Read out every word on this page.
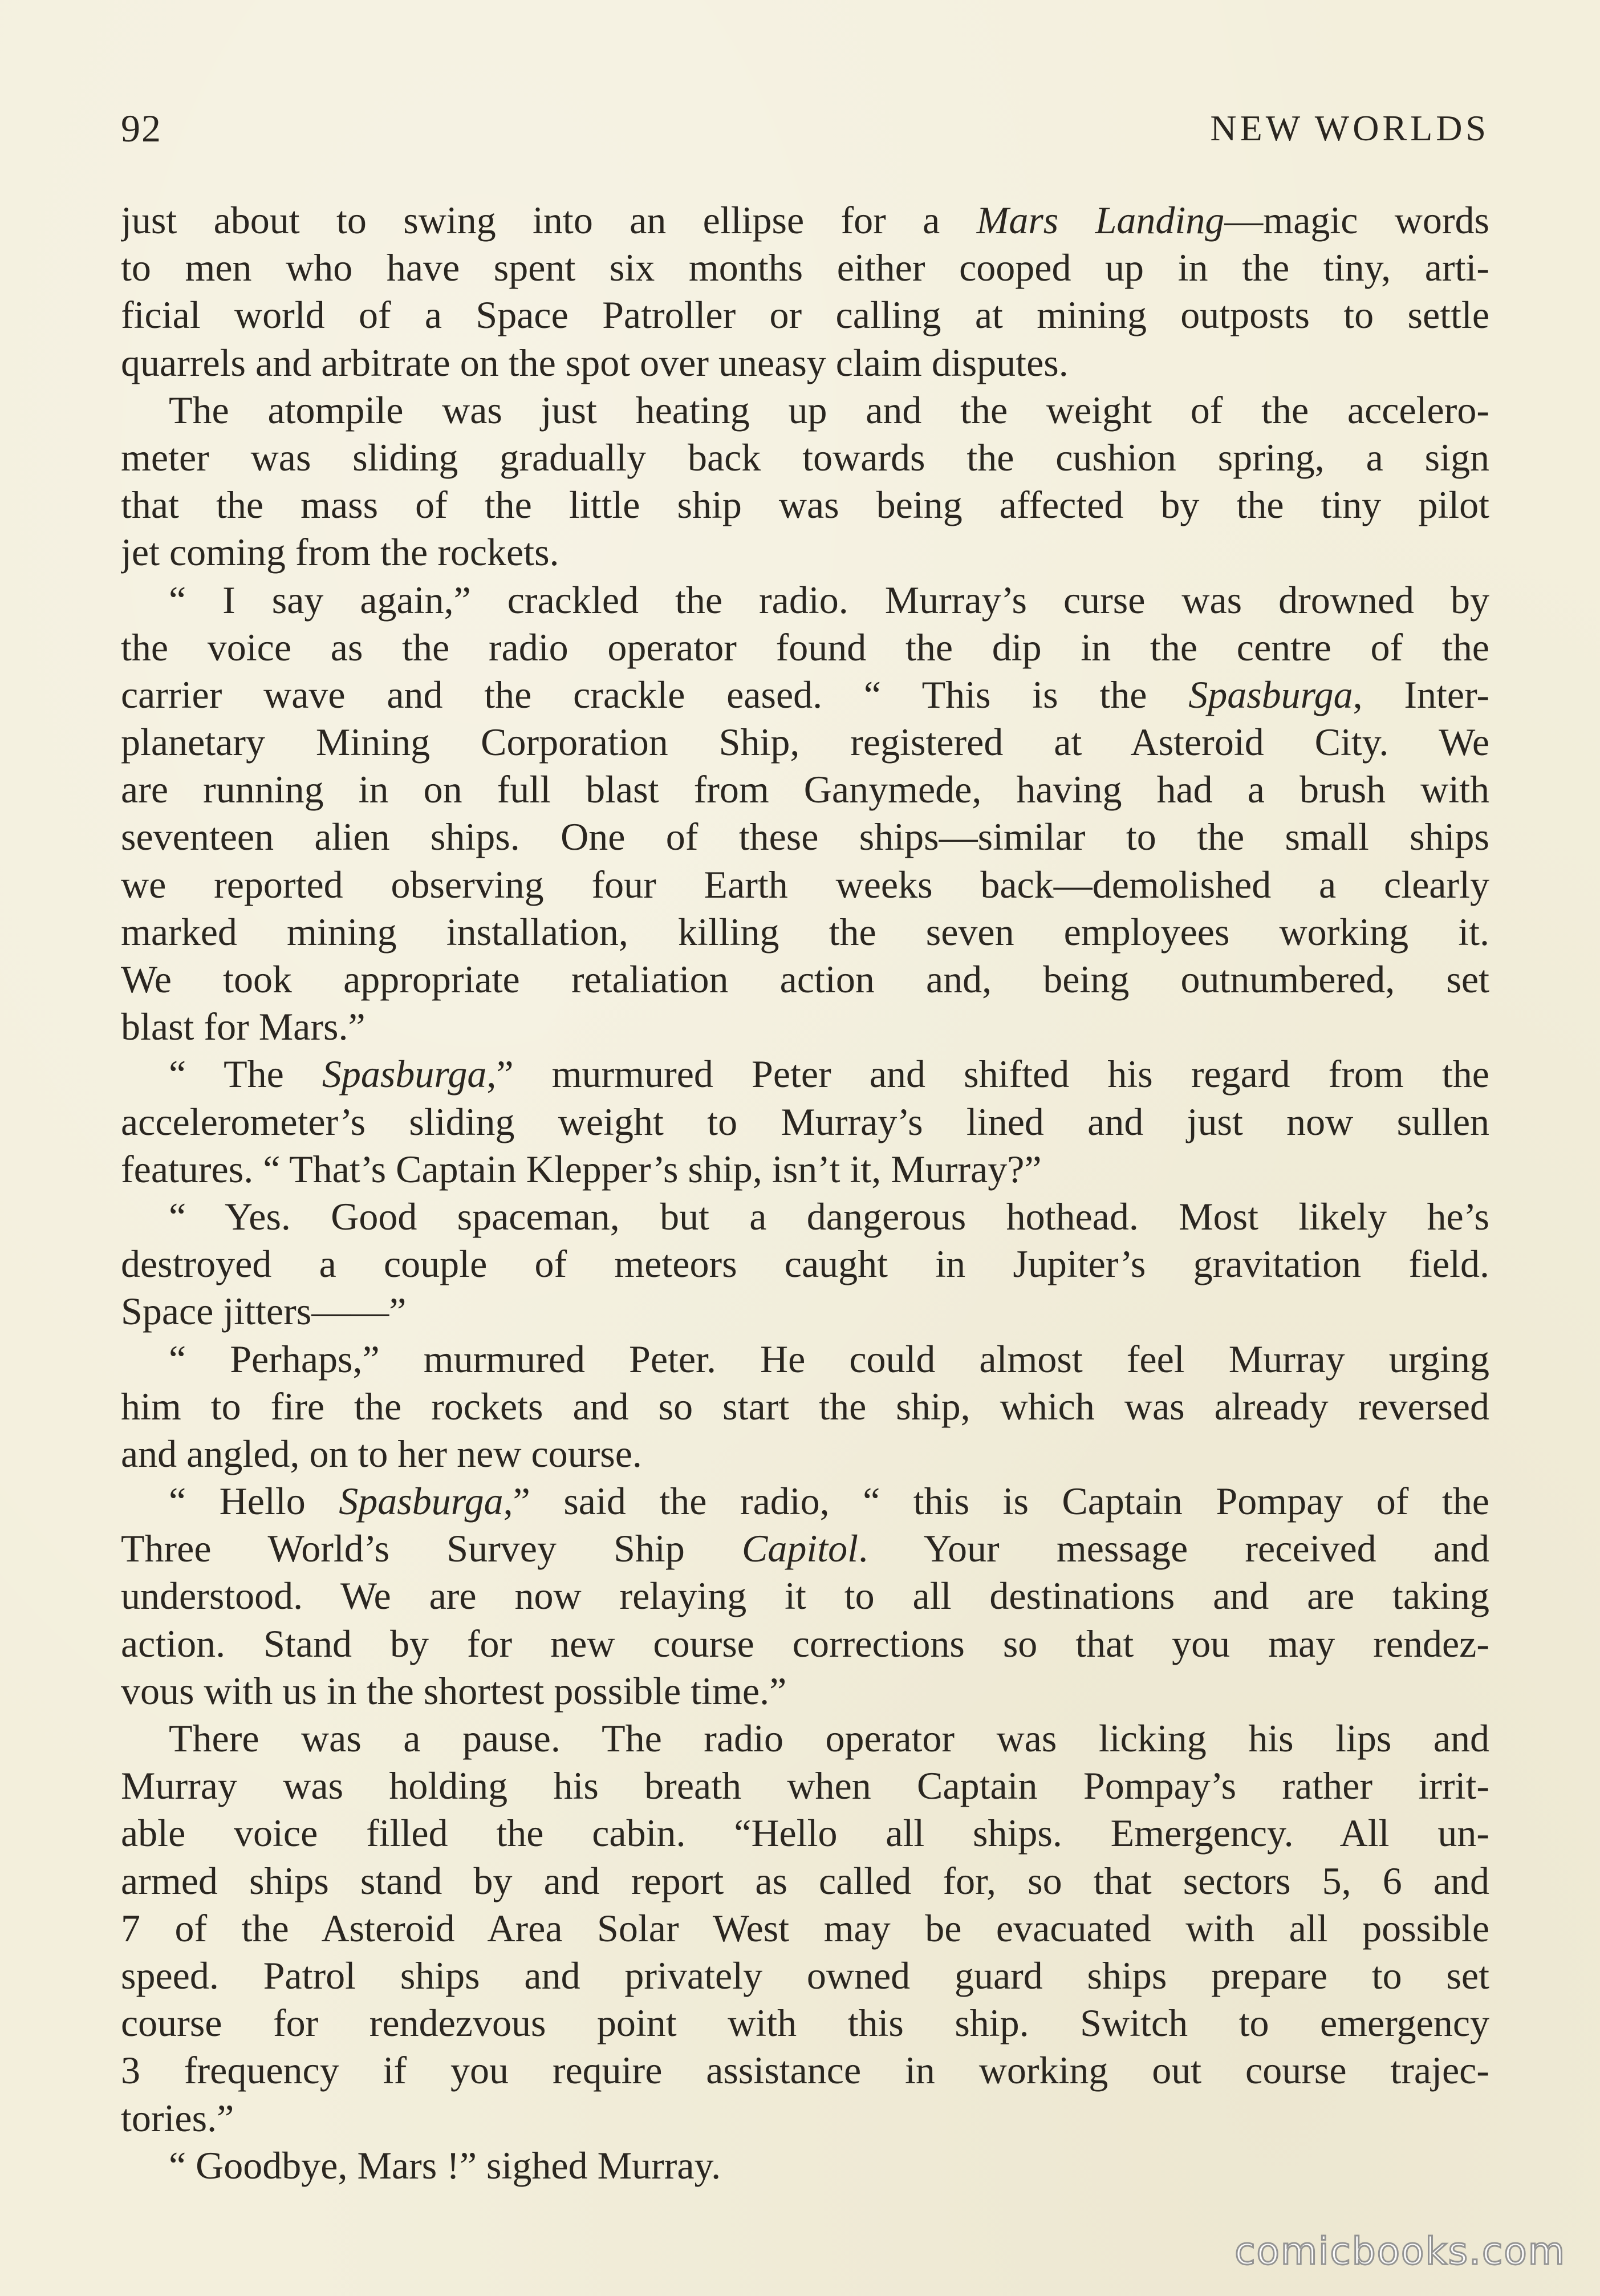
92	NEW WORLDS
just about to swing into an ellipse for a Mars Landing—magic words
to men who have spent six months either cooped up in the tiny, arti-
ficial world of a Space Patroller or calling at mining outposts to settle
quarrels and arbitrate on the spot over uneasy claim disputes.
The atompile was just heating up and the weight of the accelero-
meter was sliding gradually back towards the cushion spring, a sign
that the mass of the little ship was being affected by the tiny pilot
jet coming from the rockets.
“ I say again,” crackled the radio. Murray’s curse was drowned by
the voice as the radio operator found the dip in the centre of the
carrier wave and the crackle eased. “ This is the Spasburga, Inter-
planetary Mining Corporation Ship, registered at Asteroid City. We
are running in on full blast from Ganymede, having had a brush with
seventeen alien ships. One of these ships—similar to the small ships
we reported observing four Earth weeks back—demolished a clearly
marked mining installation, killing the seven employees working it.
We took appropriate retaliation action and, being outnumbered, set
blast for Mars.”
“ The Spasburga,” murmured Peter and shifted his regard from the
accelerometer’s sliding weight to Murray’s lined and just now sullen
features. “ That’s Captain Klepper’s ship, isn’t it, Murray?”
“ Yes. Good spaceman, but a dangerous hothead. Most likely he’s
destroyed a couple of meteors caught in Jupiter’s gravitation field.
Space jitters——”
“ Perhaps,” murmured Peter. He could almost feel Murray urging
him to fire the rockets and so start the ship, which was already reversed
and angled, on to her new course.
“ Hello Spasburga,” said the radio, “ this is Captain Pompay of the
Three World’s Survey Ship Capitol. Your message received and
understood. We are now relaying it to all destinations and are taking
action. Stand by for new course corrections so that you may rendez-
vous with us in the shortest possible time.”
There was a pause. The radio operator was licking his lips and
Murray was holding his breath when Captain Pompay’s rather irrit-
able voice filled the cabin. “Hello all ships. Emergency. All un-
armed ships stand by and report as called for, so that sectors 5, 6 and
7 of the Asteroid Area Solar West may be evacuated with all possible
speed. Patrol ships and privately owned guard ships prepare to set
course for rendezvous point with this ship. Switch to emergency
3 frequency if you require assistance in working out course trajec-
tories.”
“ Goodbye, Mars !” sighed Murray.
comicbooks.com
